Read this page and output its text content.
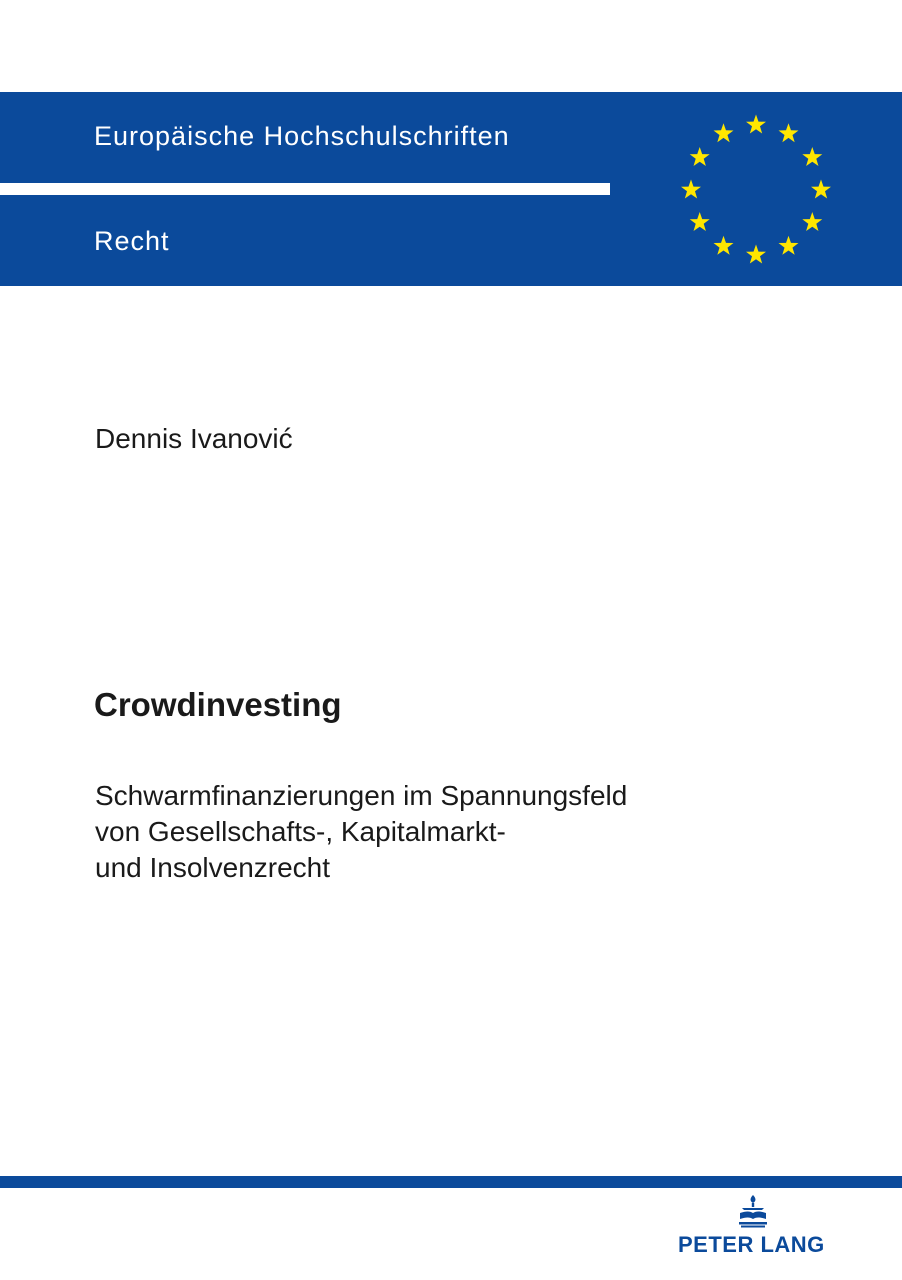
Europäische Hochschulschriften
Recht
Dennis Ivanović
Crowdinvesting
Schwarmfinanzierungen im Spannungsfeld
von Gesellschafts-, Kapitalmarkt-
und Insolvenzrecht
PETER LANG
